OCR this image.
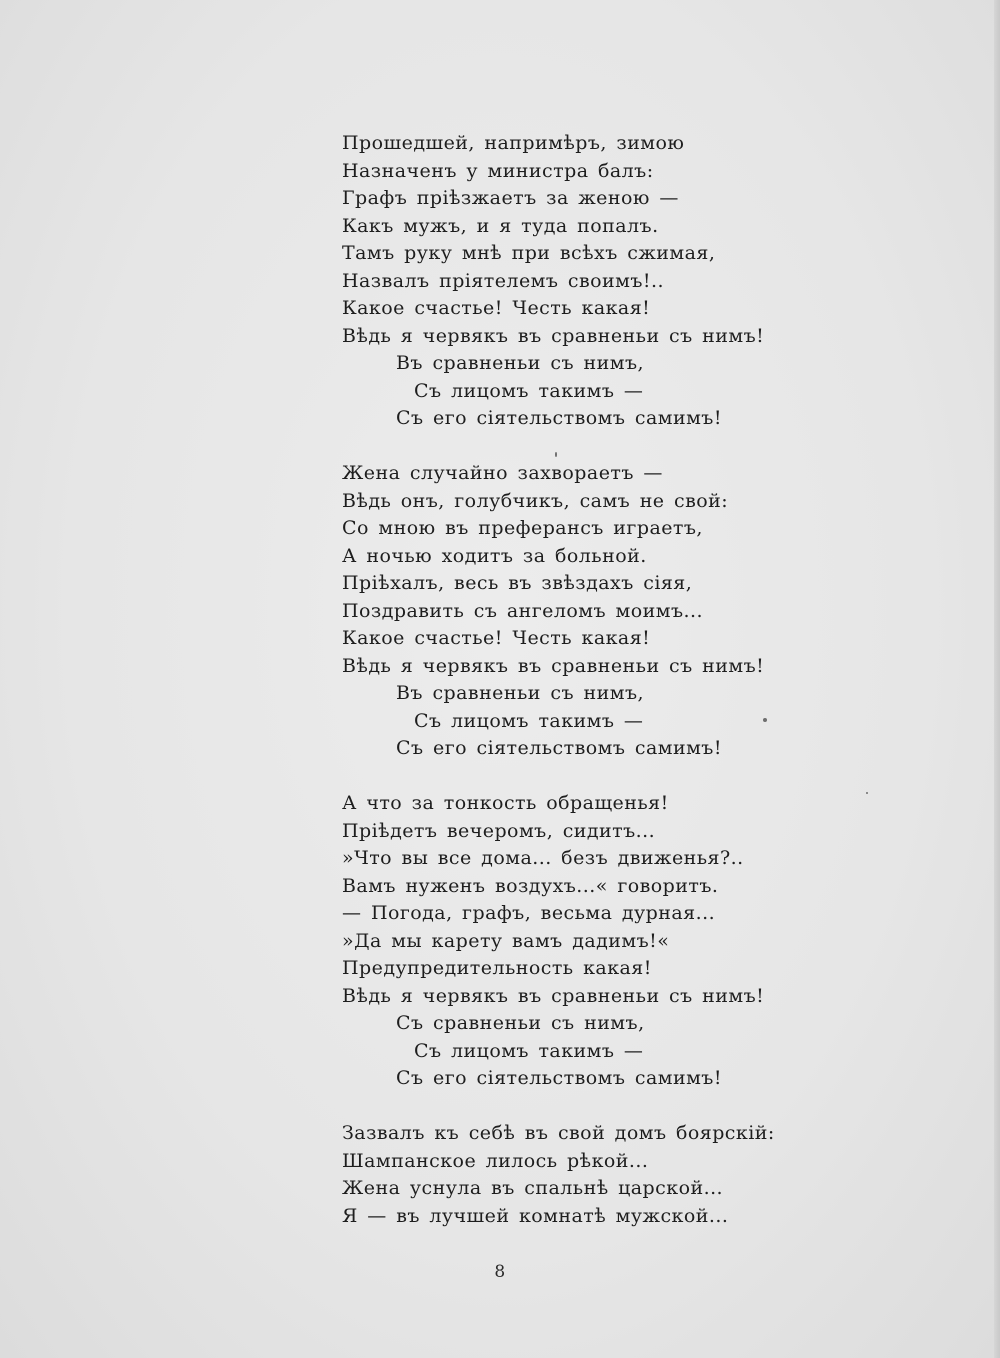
Прошедшей, напримѣръ, зимою
Назначенъ у министра балъ:
Графъ пріѣзжаетъ за женою —
Какъ мужъ, и я туда попалъ.
Тамъ руку мнѣ при всѣхъ сжимая,
Назвалъ пріятелемъ своимъ!..
Какое счастье! Честь какая!
Вѣдь я червякъ въ сравненьи съ нимъ!
Въ сравненьи съ нимъ,
Съ лицомъ такимъ —
Съ его сіятельствомъ самимъ!
Жена случайно захвораетъ —
Вѣдь онъ, голубчикъ, самъ не свой:
Со мною въ преферансъ играетъ,
А ночью ходитъ за больной.
Пріѣхалъ, весь въ звѣздахъ сіяя,
Поздравить съ ангеломъ моимъ...
Какое счастье! Честь какая!
Вѣдь я червякъ въ сравненьи съ нимъ!
Въ сравненьи съ нимъ,
Съ лицомъ такимъ —
Съ его сіятельствомъ самимъ!
А что за тонкость обращенья!
Пріѣдетъ вечеромъ, сидитъ...
»Что вы все дома... безъ движенья?..
Вамъ нуженъ воздухъ...« говоритъ.
— Погода, графъ, весьма дурная...
»Да мы карету вамъ дадимъ!«
Предупредительность какая!
Вѣдь я червякъ въ сравненьи съ нимъ!
Съ сравненьи съ нимъ,
Съ лицомъ такимъ —
Съ его сіятельствомъ самимъ!
Зазвалъ къ себѣ въ свой домъ боярскій:
Шампанское лилось рѣкой...
Жена уснула въ спальнѣ царской...
Я — въ лучшей комнатѣ мужской...
8
